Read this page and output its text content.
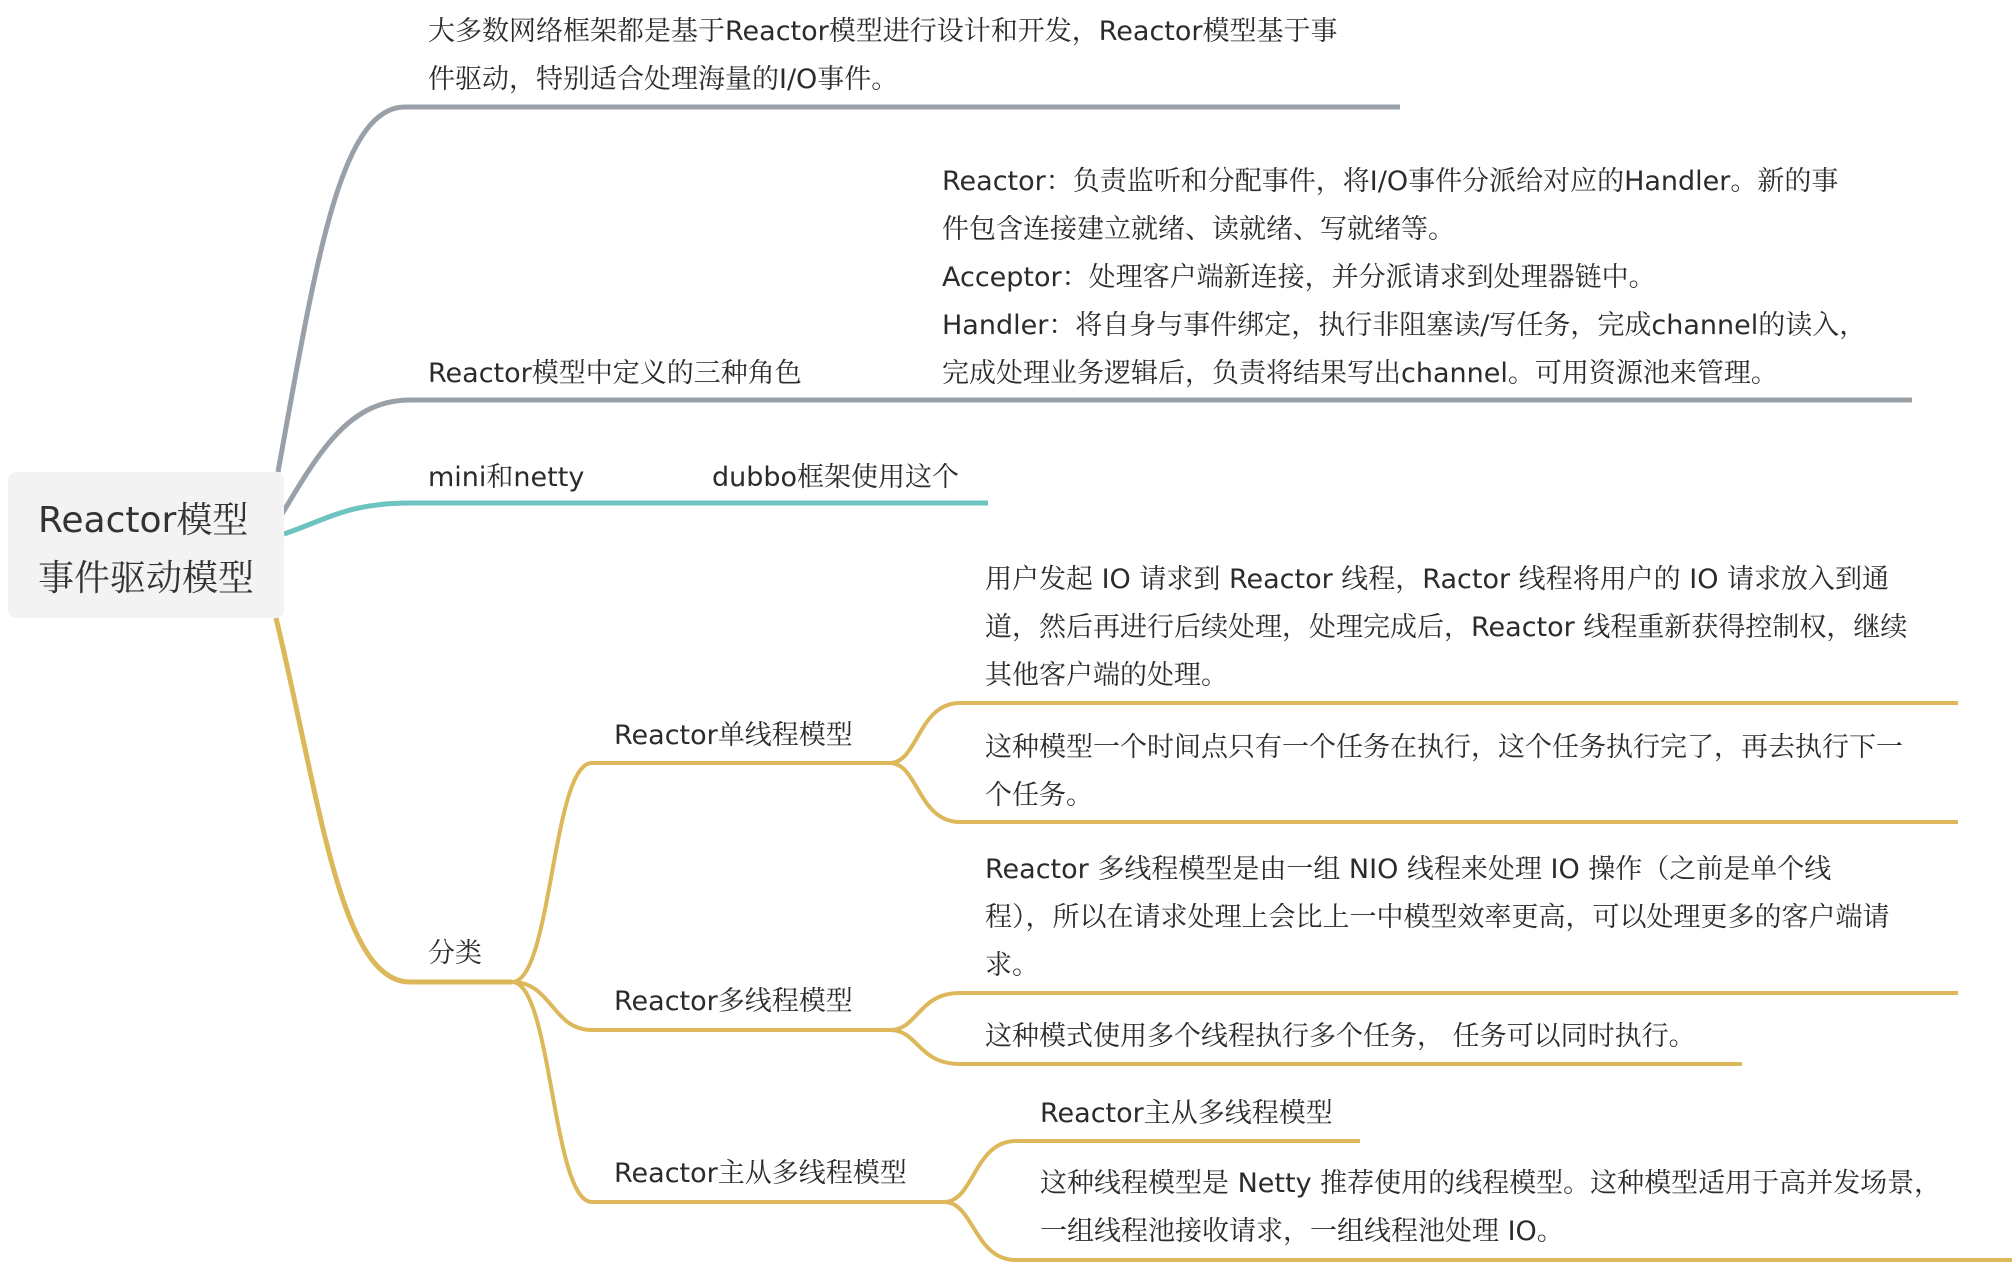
Reactor模型
事件驱动模型
大多数网络框架都是基于Reactor模型进行设计和开发，Reactor模型基于事
件驱动，特别适合处理海量的I/O事件。
Reactor模型中定义的三种角色
Reactor：负责监听和分配事件，将I/O事件分派给对应的Handler。新的事
件包含连接建立就绪、读就绪、写就绪等。
Acceptor：处理客户端新连接，并分派请求到处理器链中。
Handler：将自身与事件绑定，执行非阻塞读/写任务，完成channel的读入，
完成处理业务逻辑后，负责将结果写出channel。可用资源池来管理。
mini和netty	dubbo框架使用这个
分类
Reactor单线程模型
用户发起 IO 请求到 Reactor 线程，Ractor 线程将用户的 IO 请求放入到通
道，然后再进行后续处理，处理完成后，Reactor 线程重新获得控制权，继续
其他客户端的处理。
这种模型一个时间点只有一个任务在执行，这个任务执行完了，再去执行下一
个任务。
Reactor多线程模型
Reactor 多线程模型是由一组 NIO 线程来处理 IO 操作（之前是单个线
程），所以在请求处理上会比上一中模型效率更高，可以处理更多的客户端请
求。
这种模式使用多个线程执行多个任务， 任务可以同时执行。
Reactor主从多线程模型
Reactor主从多线程模型
这种线程模型是 Netty 推荐使用的线程模型。这种模型适用于高并发场景，
一组线程池接收请求，一组线程池处理 IO。
